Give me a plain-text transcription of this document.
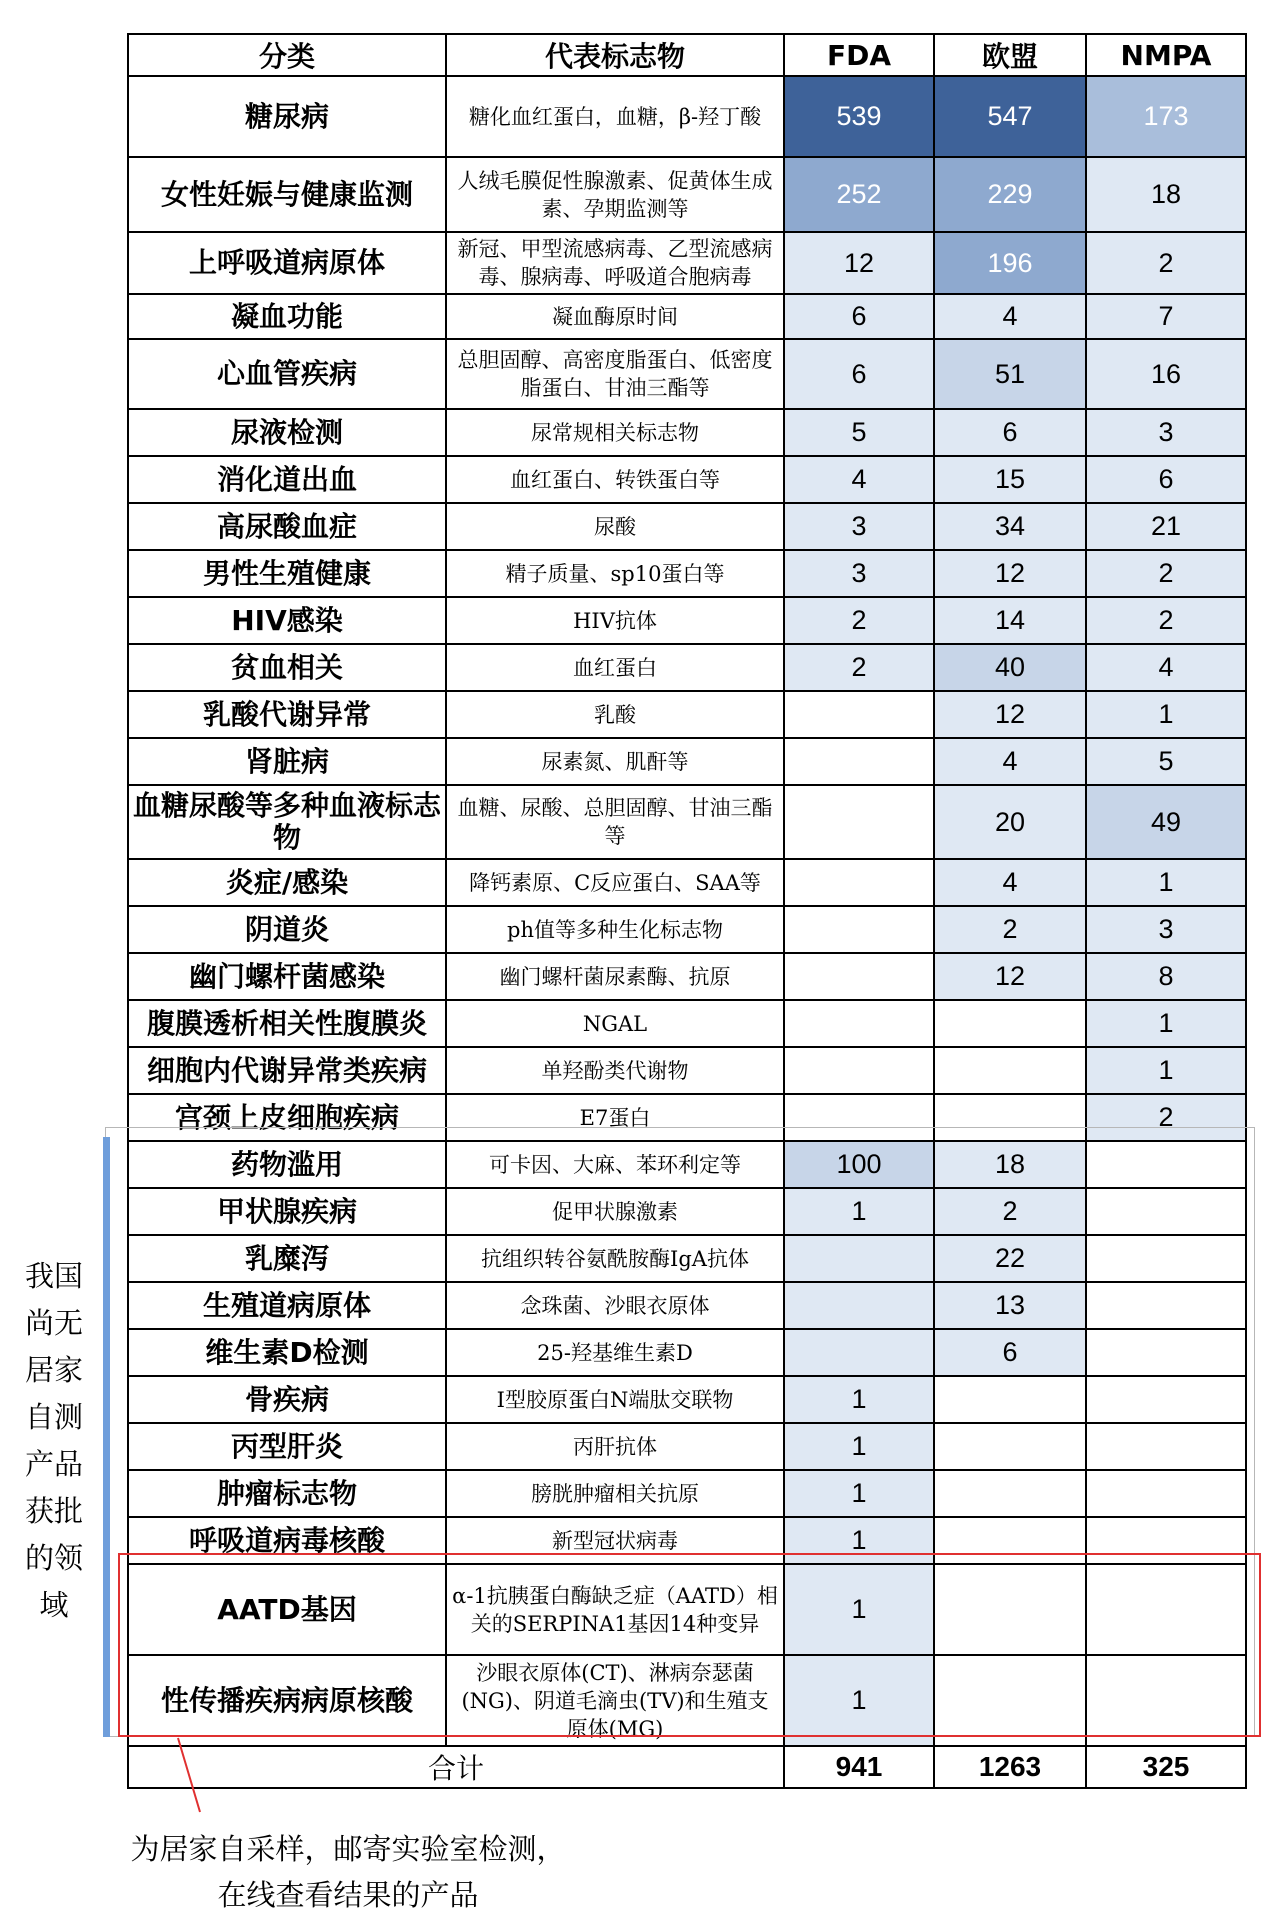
分类	代表标志物	FDA	欧盟	NMPA
糖尿病	糖化血红蛋白，血糖，β-羟丁酸	539	547	173
女性妊娠与健康监测	人绒毛膜促性腺激素、促黄体生成素、孕期监测等	252	229	18
上呼吸道病原体	新冠、甲型流感病毒、乙型流感病毒、腺病毒、呼吸道合胞病毒	12	196	2
凝血功能	凝血酶原时间	6	4	7
心血管疾病	总胆固醇、高密度脂蛋白、低密度脂蛋白、甘油三酯等	6	51	16
尿液检测	尿常规相关标志物	5	6	3
消化道出血	血红蛋白、转铁蛋白等	4	15	6
高尿酸血症	尿酸	3	34	21
男性生殖健康	精子质量、sp10蛋白等	3	12	2
HIV感染	HIV抗体	2	14	2
贫血相关	血红蛋白	2	40	4
乳酸代谢异常	乳酸		12	1
肾脏病	尿素氮、肌酐等		4	5
血糖尿酸等多种血液标志物	血糖、尿酸、总胆固醇、甘油三酯等		20	49
炎症/感染	降钙素原、C反应蛋白、SAA等		4	1
阴道炎	ph值等多种生化标志物		2	3
幽门螺杆菌感染	幽门螺杆菌尿素酶、抗原		12	8
腹膜透析相关性腹膜炎	NGAL			1
细胞内代谢异常类疾病	单羟酚类代谢物			1
宫颈上皮细胞疾病	E7蛋白			2
药物滥用	可卡因、大麻、苯环利定等	100	18	
甲状腺疾病	促甲状腺激素	1	2	
乳糜泻	抗组织转谷氨酰胺酶IgA抗体		22	
生殖道病原体	念珠菌、沙眼衣原体		13	
维生素D检测	25-羟基维生素D		6	
骨疾病	I型胶原蛋白N端肽交联物	1		
丙型肝炎	丙肝抗体	1		
肿瘤标志物	膀胱肿瘤相关抗原	1		
呼吸道病毒核酸	新型冠状病毒	1		
AATD基因	α-1抗胰蛋白酶缺乏症（AATD）相关的SERPINA1基因14种变异	1		
性传播疾病病原核酸	沙眼衣原体(CT)、淋病奈瑟菌(NG)、阴道毛滴虫(TV)和生殖支原体(MG)	1		
合计		941	1263	325
我国尚无居家自测产品获批的领域
为居家自采样，邮寄实验室检测，在线查看结果的产品
